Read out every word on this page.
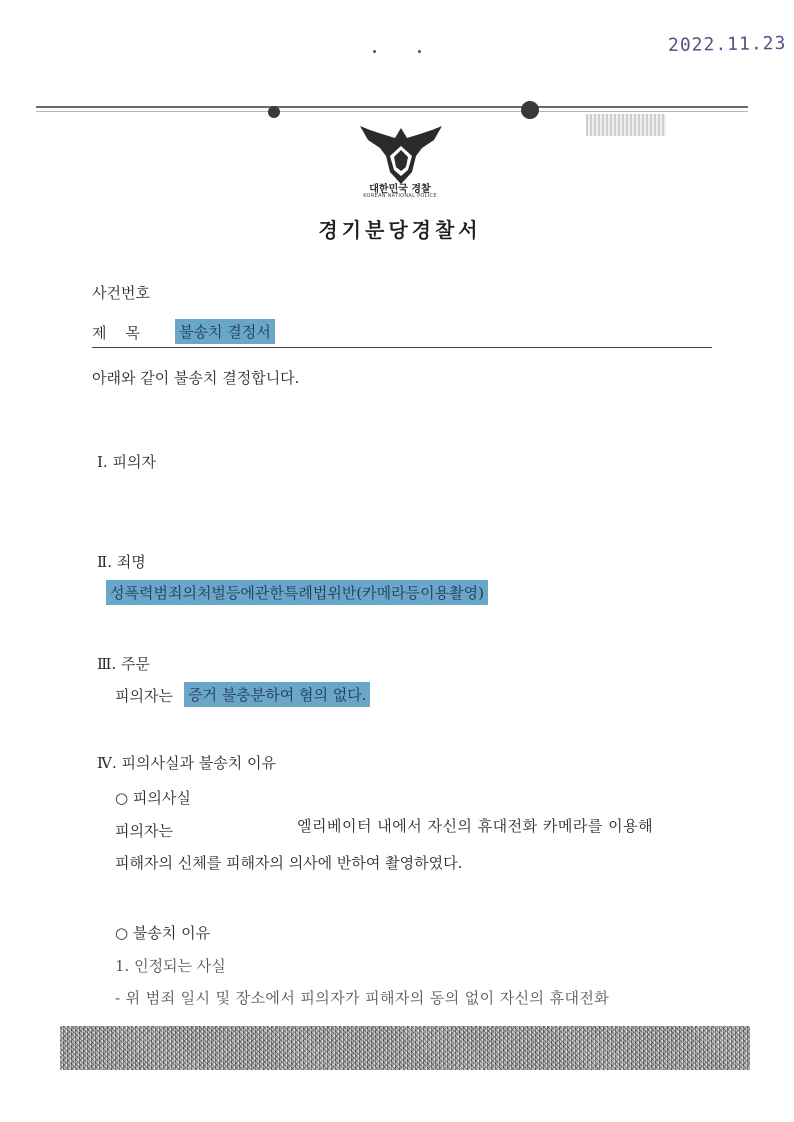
2022.11.23
대한민국 경찰
KOREAN NATIONAL POLICE
경기분당경찰서
사건번호
제    목	불송치 결정서
아래와 같이 불송치 결정합니다.
Ⅰ. 피의자
Ⅱ. 죄명
성폭력범죄의처벌등에관한특례법위반(카메라등이용촬영)
Ⅲ. 주문
피의자는 증거 불충분하여 혐의 없다.
Ⅳ. 피의사실과 불송치 이유
○ 피의사실
피의자는	엘리베이터 내에서 자신의 휴대전화 카메라를 이용해
피해자의 신체를 피해자의 의사에 반하여 촬영하였다.
○ 불송치 이유
1. 인정되는 사실
- 위 범죄 일시 및 장소에서 피의자가 피해자의 동의 없이 자신의 휴대전화
